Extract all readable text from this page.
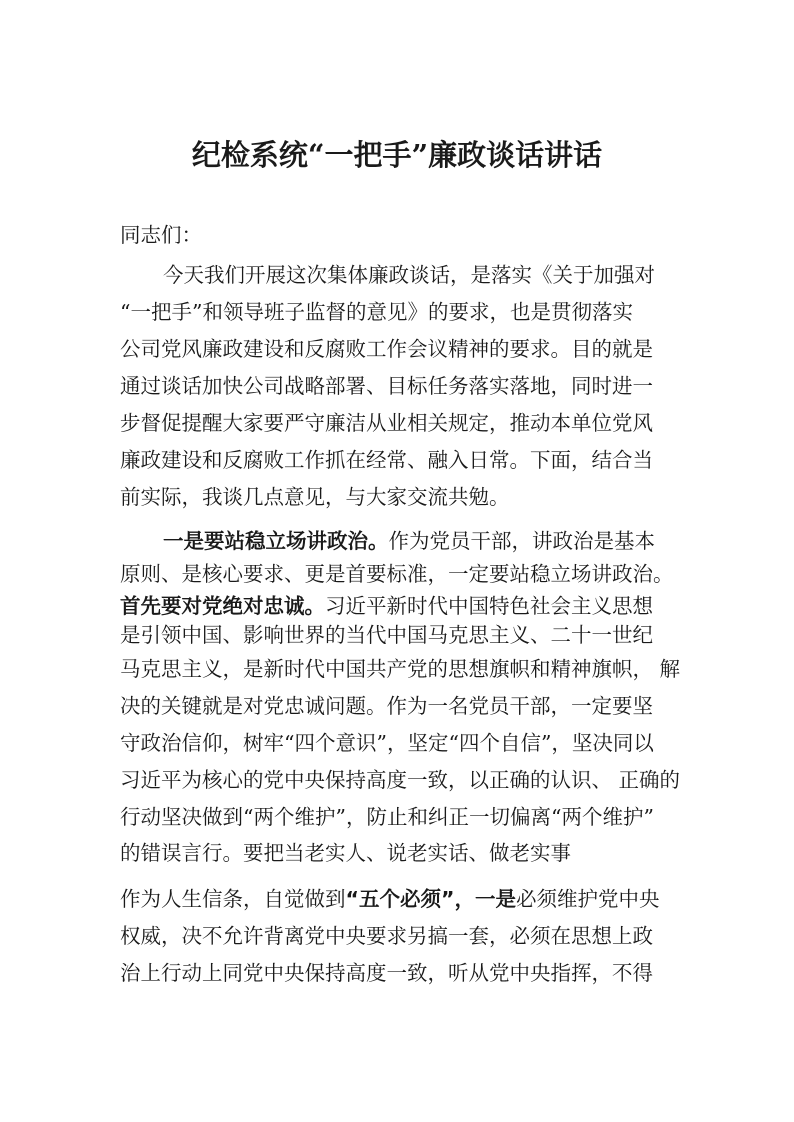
纪检系统“一把手”廉政谈话讲话
同志们：
今天我们开展这次集体廉政谈话，是落实《关于加强对
“一把手”和领导班子监督的意见》的要求，也是贯彻落实
公司党风廉政建设和反腐败工作会议精神的要求。目的就是
通过谈话加快公司战略部署、目标任务落实落地，同时进一
步督促提醒大家要严守廉洁从业相关规定，推动本单位党风
廉政建设和反腐败工作抓在经常、融入日常。下面，结合当
前实际，我谈几点意见，与大家交流共勉。
一是要站稳立场讲政治。作为党员干部，讲政治是基本
原则、是核心要求、更是首要标准，一定要站稳立场讲政治。
首先要对党绝对忠诚。习近平新时代中国特色社会主义思想
是引领中国、影响世界的当代中国马克思主义、二十一世纪
马克思主义，是新时代中国共产党的思想旗帜和精神旗帜， 解
决的关键就是对党忠诚问题。作为一名党员干部，一定要坚
守政治信仰，树牢“四个意识”，坚定“四个自信”，坚决同以
习近平为核心的党中央保持高度一致，以正确的认识、 正确的
行动坚决做到“两个维护”，防止和纠正一切偏离“两个维护”
的错误言行。要把当老实人、说老实话、做老实事
作为人生信条，自觉做到“五个必须”，一是必须维护党中央
权威，决不允许背离党中央要求另搞一套，必须在思想上政
治上行动上同党中央保持高度一致，听从党中央指挥，不得
